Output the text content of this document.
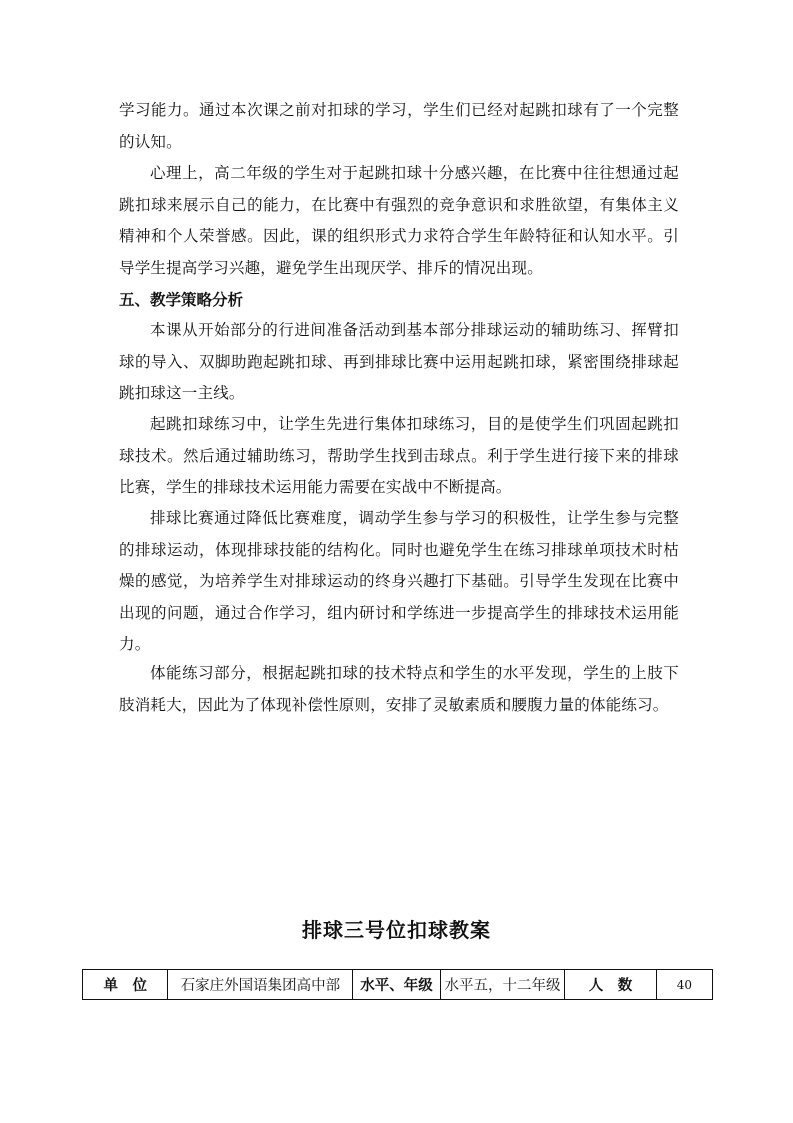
学习能力。通过本次课之前对扣球的学习，学生们已经对起跳扣球有了一个完整的认知。

心理上，高二年级的学生对于起跳扣球十分感兴趣，在比赛中往往想通过起跳扣球来展示自己的能力，在比赛中有强烈的竞争意识和求胜欲望，有集体主义精神和个人荣誉感。因此，课的组织形式力求符合学生年龄特征和认知水平。引导学生提高学习兴趣，避免学生出现厌学、排斥的情况出现。

五、教学策略分析

本课从开始部分的行进间准备活动到基本部分排球运动的辅助练习、挥臂扣球的导入、双脚助跑起跳扣球、再到排球比赛中运用起跳扣球，紧密围绕排球起跳扣球这一主线。

起跳扣球练习中，让学生先进行集体扣球练习，目的是使学生们巩固起跳扣球技术。然后通过辅助练习，帮助学生找到击球点。利于学生进行接下来的排球比赛，学生的排球技术运用能力需要在实战中不断提高。

排球比赛通过降低比赛难度，调动学生参与学习的积极性，让学生参与完整的排球运动，体现排球技能的结构化。同时也避免学生在练习排球单项技术时枯燥的感觉，为培养学生对排球运动的终身兴趣打下基础。引导学生发现在比赛中出现的问题，通过合作学习，组内研讨和学练进一步提高学生的排球技术运用能力。

体能练习部分，根据起跳扣球的技术特点和学生的水平发现，学生的上肢下肢消耗大，因此为了体现补偿性原则，安排了灵敏素质和腰腹力量的体能练习。

排球三号位扣球教案
单　位	石家庄外国语集团高中部	水平、年级	水平五，十二年级	人　数	40
